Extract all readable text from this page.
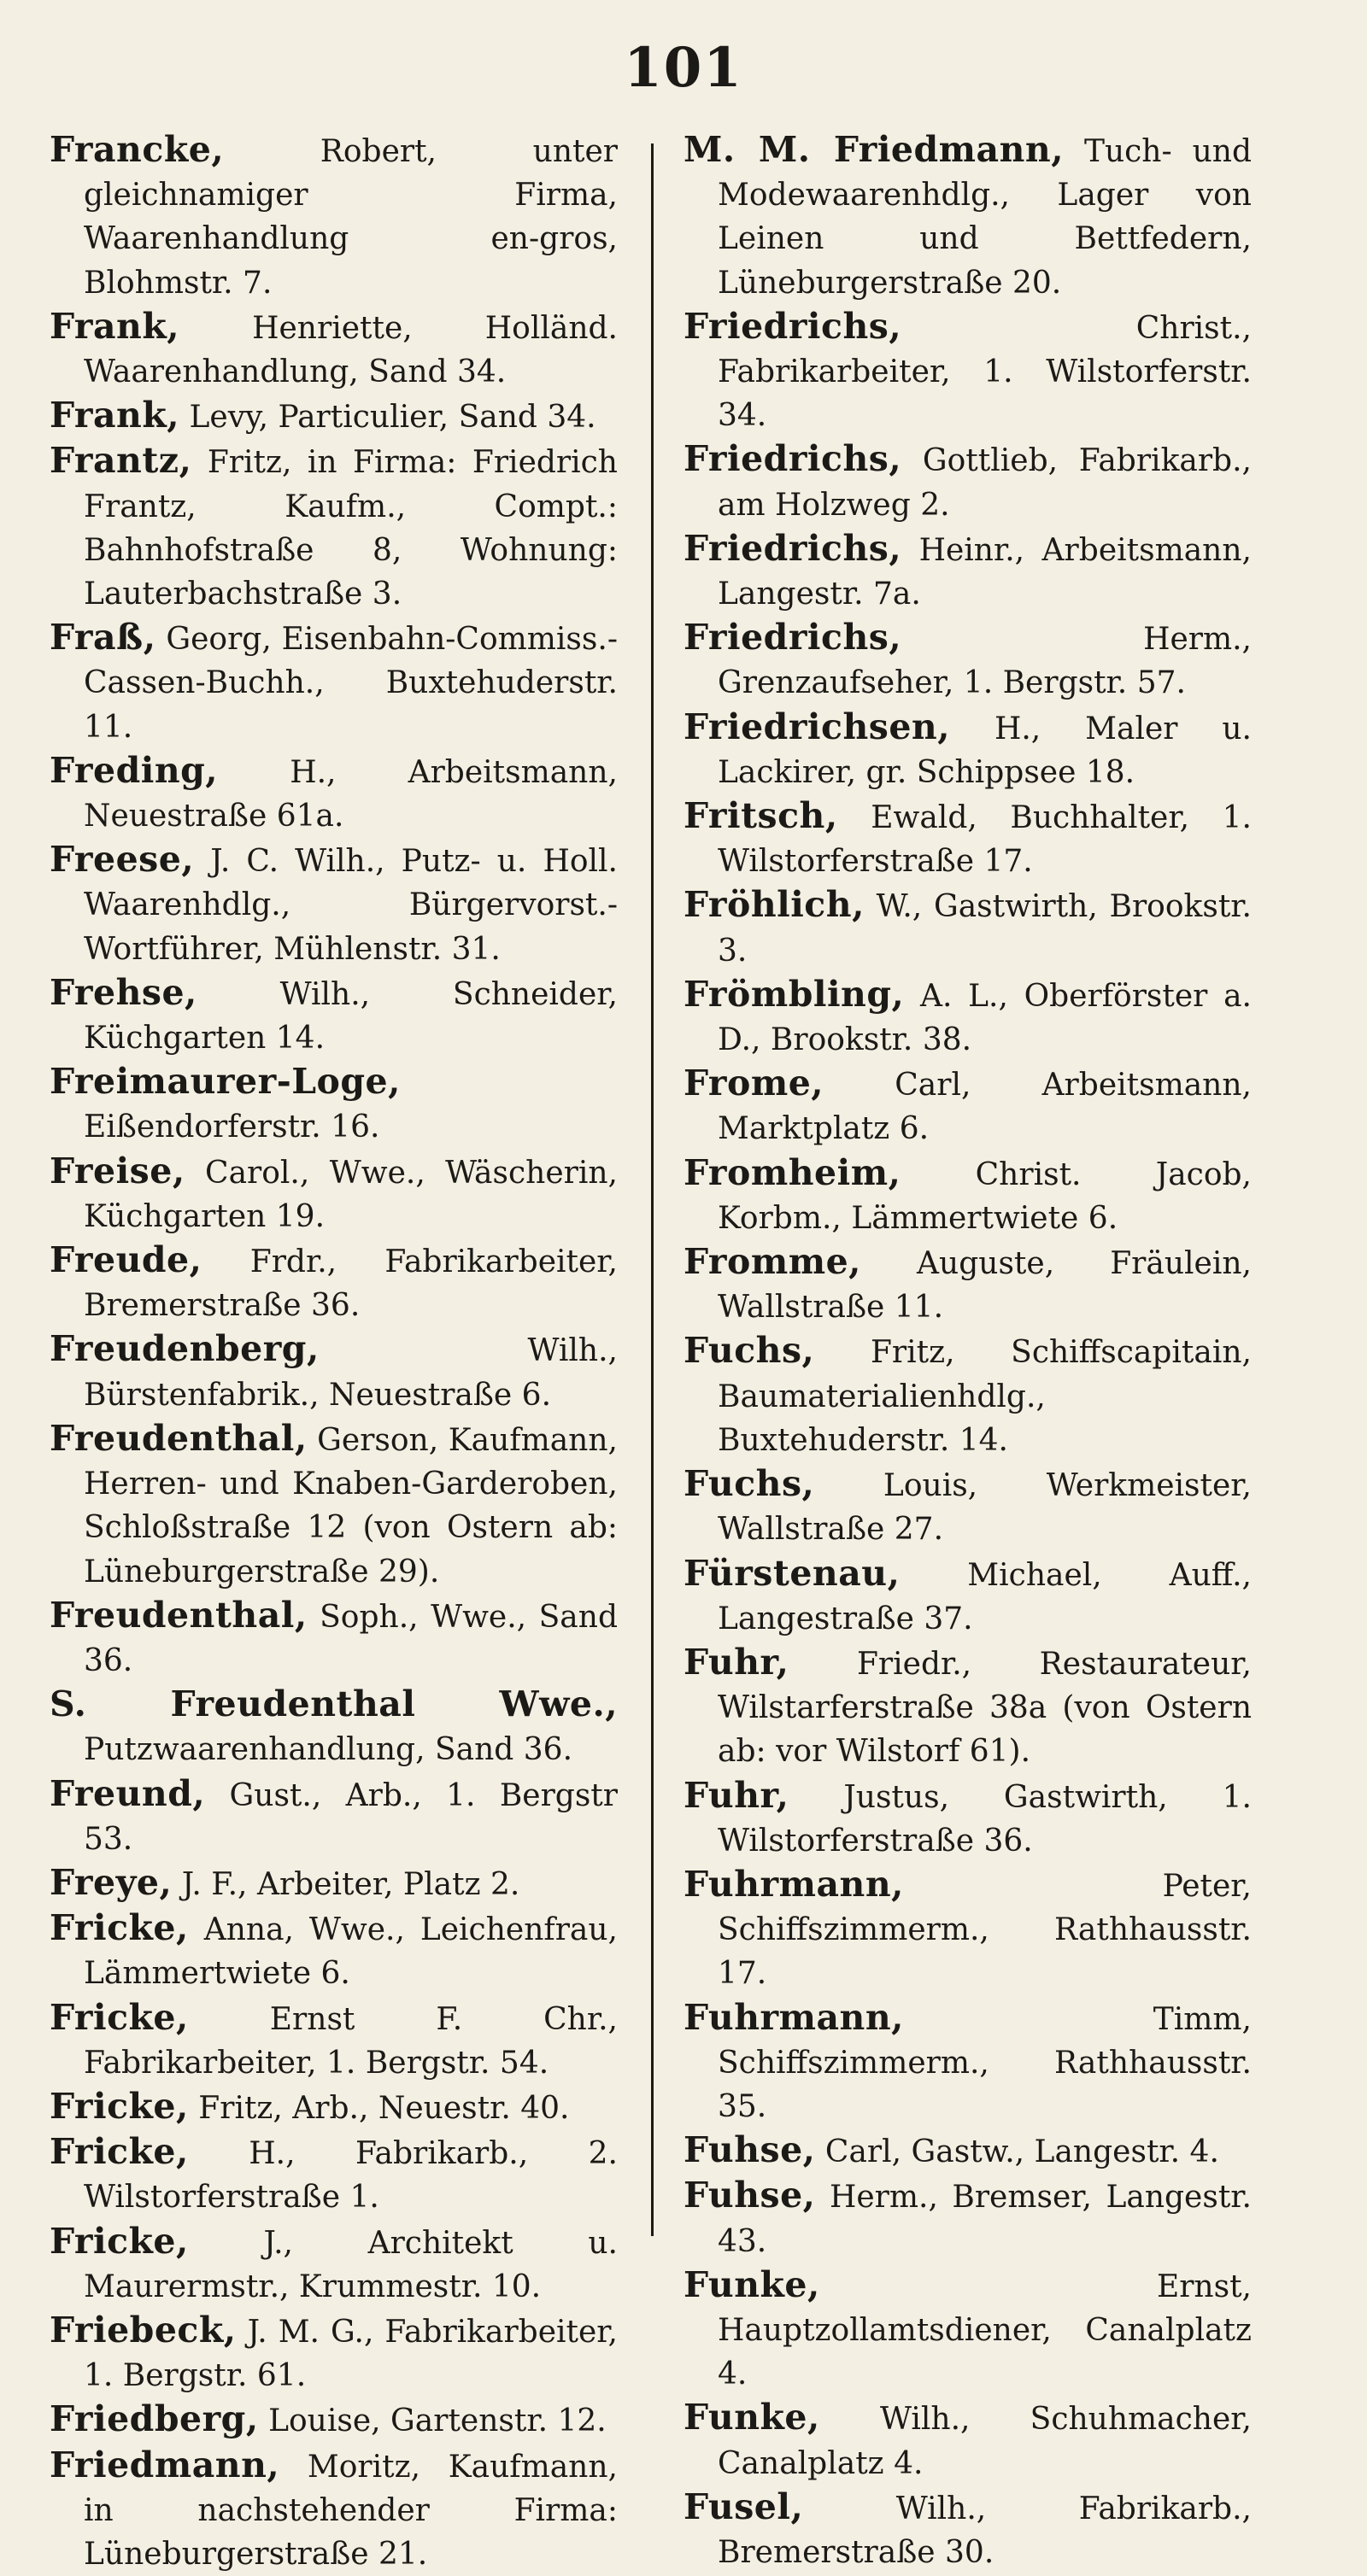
101

Francke,	Robert, unter gleichnamiger Firma, Waarenhandlung en-gros, Blohmstr. 7.

Frank, Henriette, Holländ. Waarenhandlung, Sand 34.

Frank, Levy, Particulier, Sand 34.

Frantz, Fritz, in Firma: Friedrich Frantz, Kaufm., Compt.: Bahnhofstraße 8, Wohnung: Lauterbachstraße 3.

Fraß, Georg, Eisenbahn-Commiss.-Cassen-Buchh., Buxtehuderstr. 11.

Freding, H., Arbeitsmann, Neuestraße 61a.

Freese, J. C. Wilh., Putz- u. Holl. Waarenhdlg., Bürgervorst.-Wortführer, Mühlenstr. 31.

Frehse,	Wilh., Schneider, Küchgarten 14.

Freimaurer-Loge, Eißendorferstr. 16.

Freise, Carol., Wwe., Wäscherin, Küchgarten 19.

Freude, Frdr., Fabrikarbeiter, Bremerstraße 36.

Freudenberg,	Wilh., Bürstenfabrik., Neuestraße 6.

Freudenthal, Gerson, Kaufmann, Herren- und Knaben-Garderoben, Schloßstraße 12 (von Ostern ab: Lüneburgerstraße 29).

Freudenthal, Soph., Wwe., Sand 36.

S. Freudenthal Wwe., Putzwaarenhandlung, Sand 36.

Freund, Gust., Arb., 1. Bergstr 53.

Freye, J. F., Arbeiter, Platz 2.

Fricke, Anna, Wwe., Leichenfrau, Lämmertwiete 6.

Fricke,	Ernst F. Chr., Fabrikarbeiter, 1. Bergstr. 54.

Fricke, Fritz, Arb., Neuestr. 40.

Fricke, H., Fabrikarb., 2. Wilstorferstraße 1.

Fricke, J., Architekt u. Maurermstr., Krummestr. 10.

Friebeck, J. M. G., Fabrikarbeiter, 1. Bergstr. 61.

Friedberg, Louise, Gartenstr. 12.

Friedmann, Moritz, Kaufmann, in nachstehender Firma: Lüneburgerstraße 21.

M. M. Friedmann, Tuch- und Modewaarenhdlg., Lager von Leinen und Bettfedern, Lüneburgerstraße 20.

Friedrichs,	Christ., Fabrikarbeiter, 1. Wilstorferstr. 34.

Friedrichs, Gottlieb, Fabrikarb., am Holzweg 2.

Friedrichs, Heinr., Arbeitsmann, Langestr. 7a.

Friedrichs,	Herm., Grenzaufseher, 1. Bergstr. 57.

Friedrichsen, H., Maler u. Lackirer, gr. Schippsee 18.

Fritsch, Ewald, Buchhalter, 1. Wilstorferstraße 17.

Fröhlich, W., Gastwirth, Brookstr. 3.

Frömbling, A. L., Oberförster a. D., Brookstr. 38.

Frome, Carl, Arbeitsmann, Marktplatz 6.

Fromheim, Christ. Jacob, Korbm., Lämmertwiete 6.

Fromme, Auguste, Fräulein, Wallstraße 11.

Fuchs, Fritz, Schiffscapitain, Baumaterialienhdlg., Buxtehuderstr. 14.

Fuchs, Louis, Werkmeister, Wallstraße 27.

Fürstenau, Michael, Auff., Langestraße 37.

Fuhr, Friedr., Restaurateur, Wilstarferstraße 38a (von Ostern ab: vor Wilstorf 61).

Fuhr, Justus, Gastwirth, 1. Wilstorferstraße 36.

Fuhrmann,	Peter, Schiffszimmerm., Rathhausstr. 17.

Fuhrmann,	Timm, Schiffszimmerm., Rathhausstr. 35.

Fuhse, Carl, Gastw., Langestr. 4.

Fuhse, Herm., Bremser, Langestr. 43.

Funke,	Ernst, Hauptzollamtsdiener, Canalplatz 4.

Funke, Wilh., Schuhmacher, Canalplatz 4.

Fusel,	Wilh., Fabrikarb., Bremerstraße 30.
